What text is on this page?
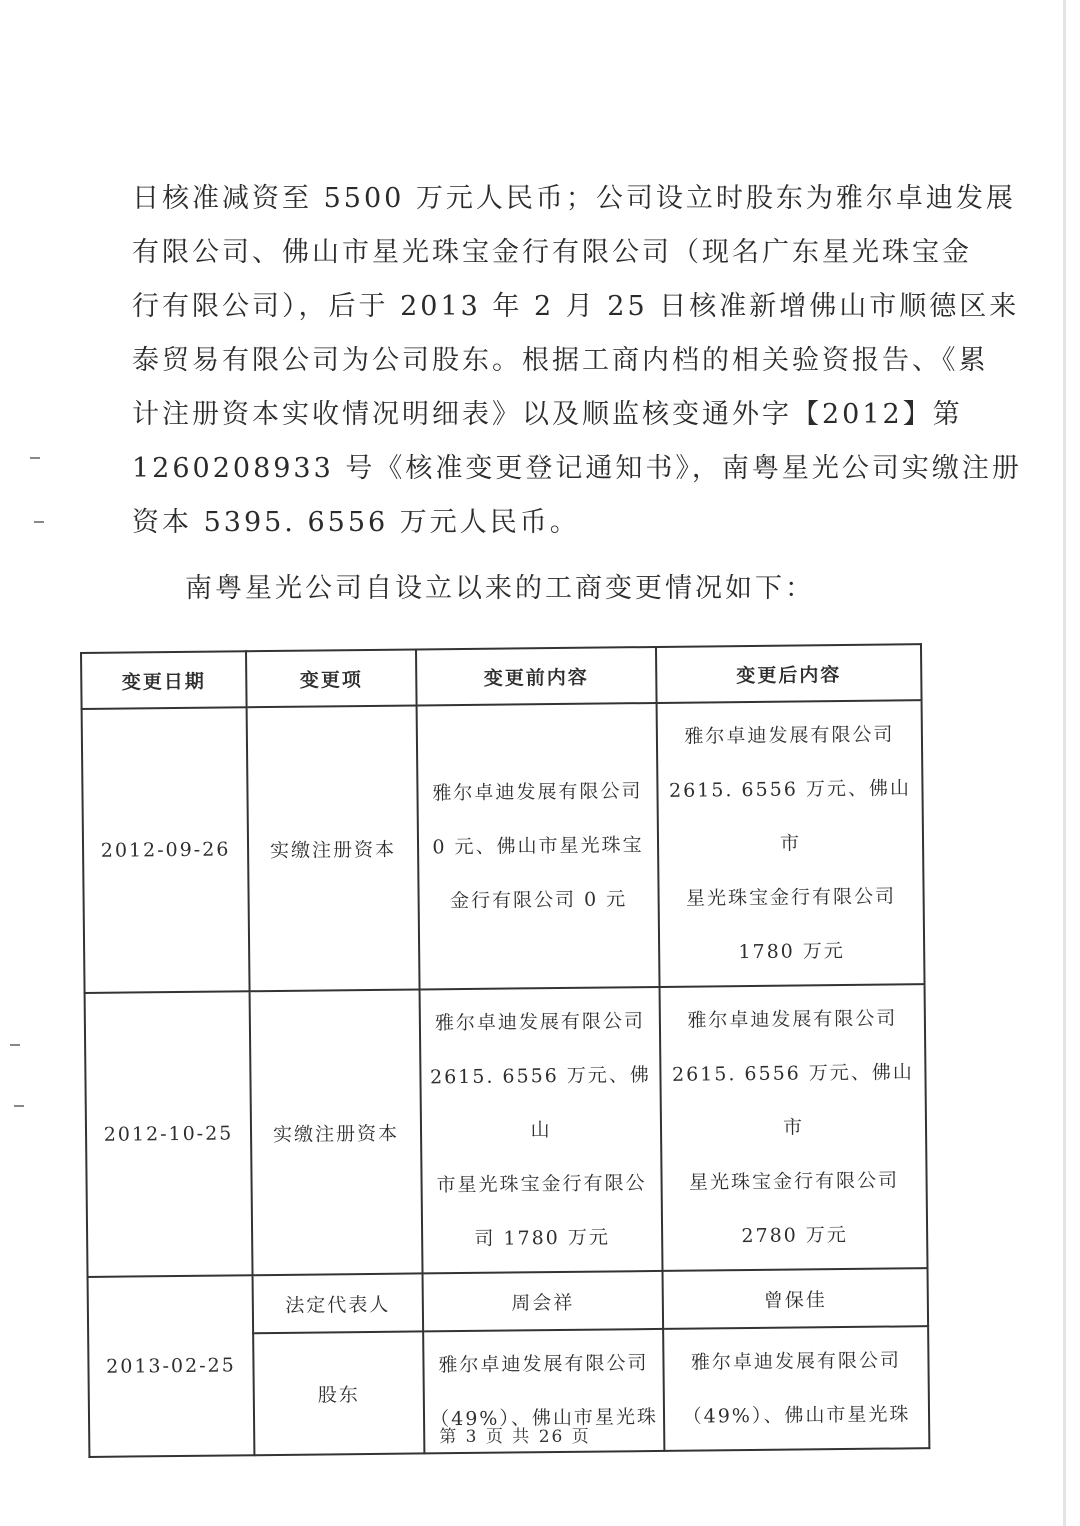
日核准减资至 5500 万元人民币；公司设立时股东为雅尔卓迪发展
有限公司、佛山市星光珠宝金行有限公司（现名广东星光珠宝金
行有限公司），后于 2013 年 2 月 25 日核准新增佛山市顺德区来
泰贸易有限公司为公司股东。根据工商内档的相关验资报告、《累
计注册资本实收情况明细表》以及顺监核变通外字【2012】第
1260208933 号《核准变更登记通知书》，南粤星光公司实缴注册
资本 5395. 6556 万元人民币。
南粤星光公司自设立以来的工商变更情况如下：
变更日期	变更项	变更前内容	变更后内容
2012-09-26	实缴注册资本	雅尔卓迪发展有限公司
0 元、佛山市星光珠宝
金行有限公司 0 元	雅尔卓迪发展有限公司
2615. 6556 万元、佛山市
星光珠宝金行有限公司
1780 万元

2012-10-25	实缴注册资本	雅尔卓迪发展有限公司
2615. 6556 万元、佛山
市星光珠宝金行有限公
司 1780 万元	雅尔卓迪发展有限公司
2615. 6556 万元、佛山市
星光珠宝金行有限公司
2780 万元

2013-02-25	法定代表人	周会祥	曾保佳
	股东	雅尔卓迪发展有限公司
（49%）、佛山市星光珠	雅尔卓迪发展有限公司
（49%）、佛山市星光珠
第 3 页 共 26 页
